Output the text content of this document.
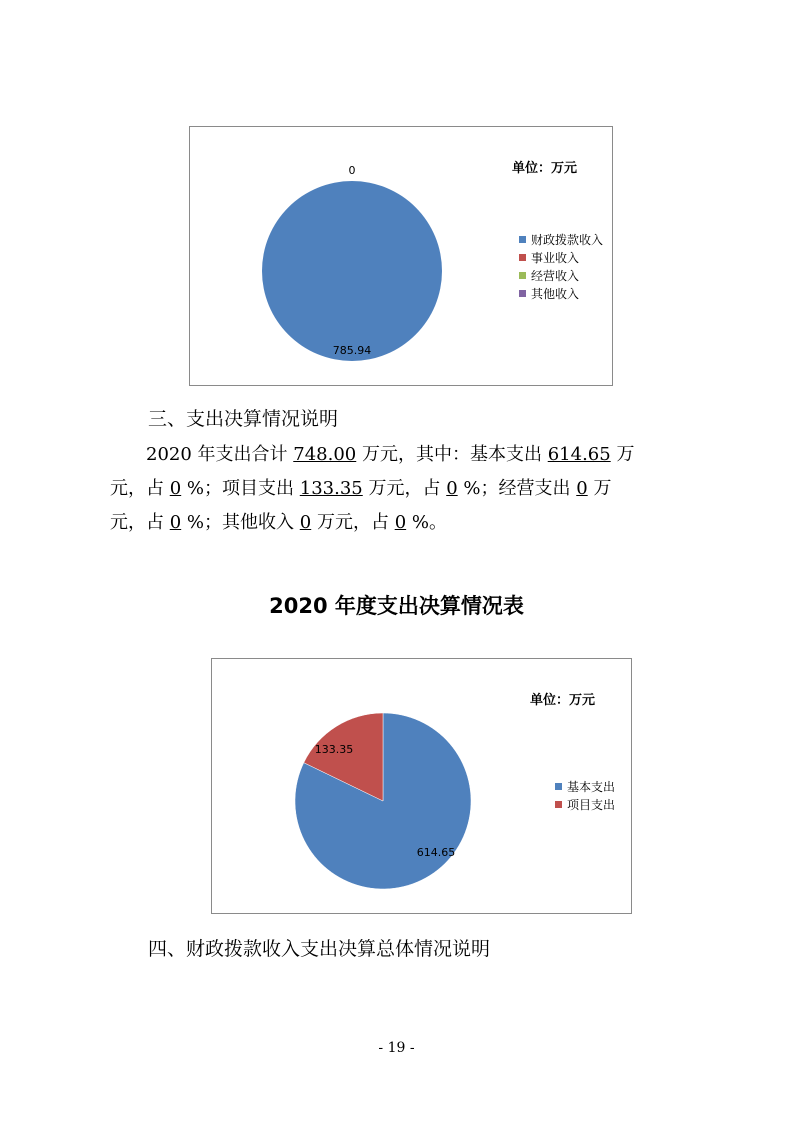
785.94
0	单位：万元
财政拨款收入
事业收入
经营收入
其他收入
三、支出决算情况说明
2020 年支出合计 748.00 万元，其中：基本支出 614.65 万
元，占 0 %；项目支出 133.35 万元，占 0 %；经营支出 0 万
元，占 0 %；其他收入 0 万元，占 0 %。
2020 年度支出决算情况表
614.65
133.35
单位：万元
基本支出
项目支出
四、财政拨款收入支出决算总体情况说明
- 19 -
